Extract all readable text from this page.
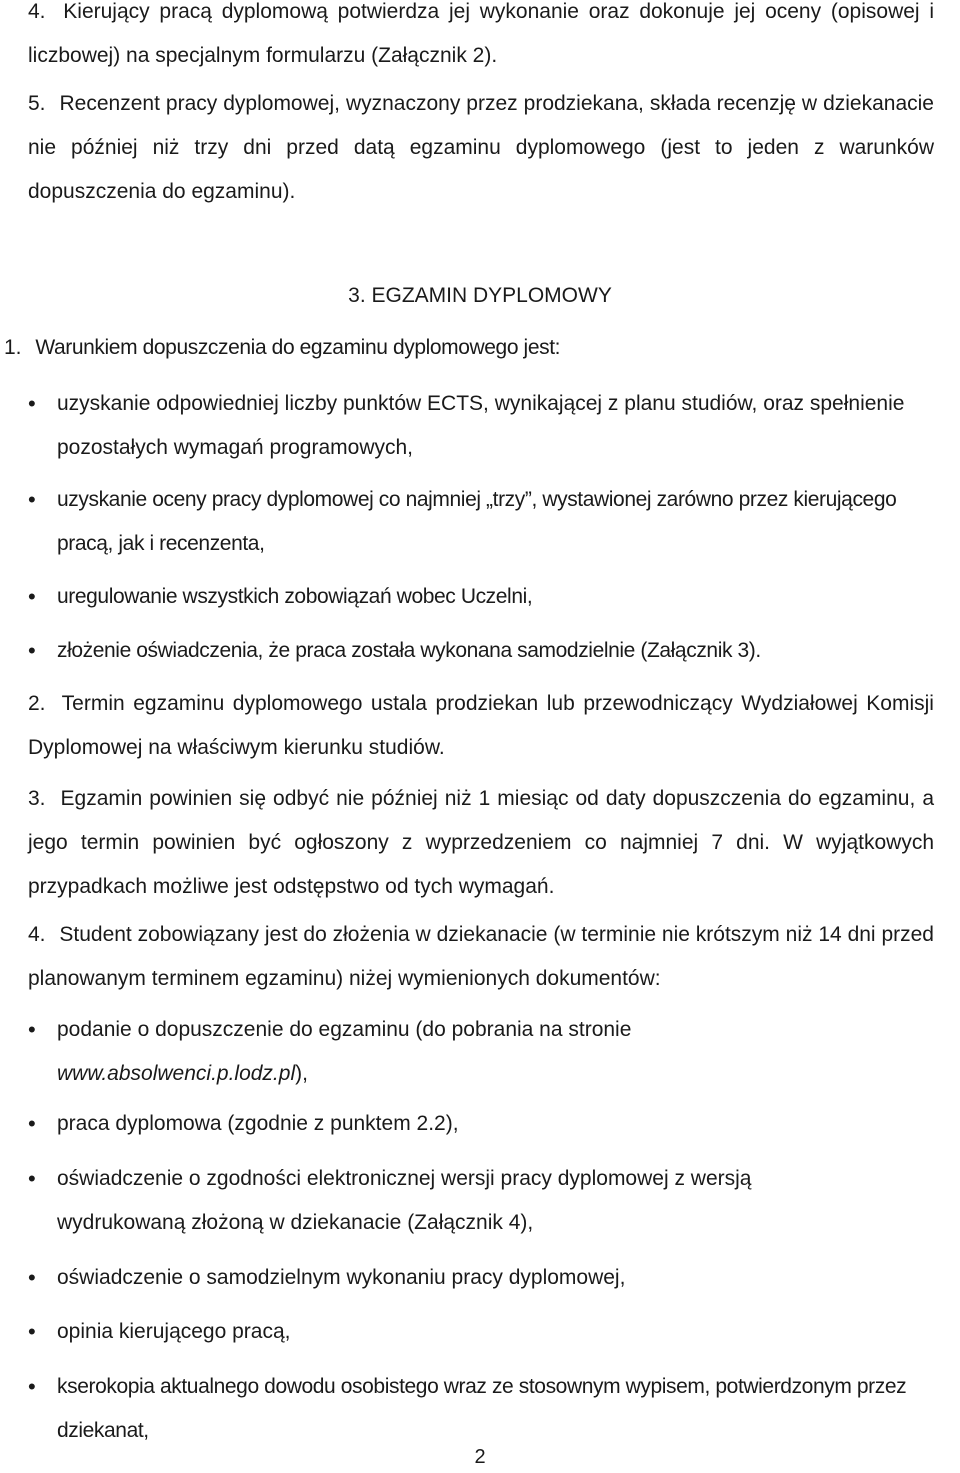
4. Kierujący pracą dyplomową potwierdza jej wykonanie oraz dokonuje jej oceny (opisowej i liczbowej) na specjalnym formularzu (Załącznik 2).
5. Recenzent pracy dyplomowej, wyznaczony przez prodziekana, składa recenzję w dziekanacie nie później niż trzy dni przed datą egzaminu dyplomowego (jest to jeden z warunków dopuszczenia do egzaminu).
3. EGZAMIN DYPLOMOWY
1. Warunkiem dopuszczenia do egzaminu dyplomowego jest:
•	uzyskanie odpowiedniej liczby punktów ECTS, wynikającej z planu studiów, oraz spełnienie pozostałych wymagań programowych,
•	uzyskanie oceny pracy dyplomowej co najmniej „trzy”, wystawionej zarówno przez kierującego pracą, jak i recenzenta,
•	uregulowanie wszystkich zobowiązań wobec Uczelni,
•	złożenie oświadczenia, że praca została wykonana samodzielnie (Załącznik 3).
2. Termin egzaminu dyplomowego ustala prodziekan lub przewodniczący Wydziałowej Komisji Dyplomowej na właściwym kierunku studiów.
3. Egzamin powinien się odbyć nie później niż 1 miesiąc od daty dopuszczenia do egzaminu, a jego termin powinien być ogłoszony z wyprzedzeniem co najmniej 7 dni. W wyjątkowych przypadkach możliwe jest odstępstwo od tych wymagań.
4. Student zobowiązany jest do złożenia w dziekanacie (w terminie nie krótszym niż 14 dni przed planowanym terminem egzaminu) niżej wymienionych dokumentów:
•	podanie o dopuszczenie do egzaminu (do pobrania na stronie
www.absolwenci.p.lodz.pl),
•	praca dyplomowa (zgodnie z punktem 2.2),
•	oświadczenie o zgodności elektronicznej wersji pracy dyplomowej z wersją wydrukowaną złożoną w dziekanacie (Załącznik 4),
•	oświadczenie o samodzielnym wykonaniu pracy dyplomowej,
•	opinia kierującego pracą,
•	kserokopia aktualnego dowodu osobistego wraz ze stosownym wypisem, potwierdzonym przez dziekanat,
2
